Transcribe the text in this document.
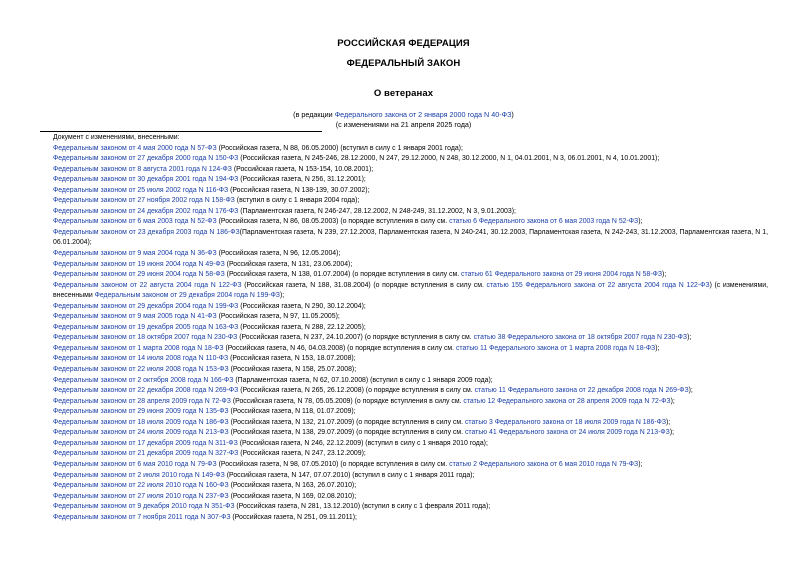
РОССИЙСКАЯ ФЕДЕРАЦИЯ
ФЕДЕРАЛЬНЫЙ ЗАКОН
О ветеранах
(в редакции Федерального закона от 2 января 2000 года N 40-ФЗ)
(с изменениями на 21 апреля 2025 года)
Документ с изменениями, внесенными:
Федеральным законом от 4 мая 2000 года N 57-ФЗ (Российская газета, N 88, 06.05.2000) (вступил в силу с 1 января 2001 года);
Федеральным законом от 27 декабря 2000 года N 150-ФЗ (Российская газета, N 245-246, 28.12.2000, N 247, 29.12.2000, N 248, 30.12.2000, N 1, 04.01.2001, N 3, 06.01.2001, N 4, 10.01.2001);
Федеральным законом от 8 августа 2001 года N 124-ФЗ (Российская газета, N 153-154, 10.08.2001);
Федеральным законом от 30 декабря 2001 года N 194-ФЗ (Российская газета, N 256, 31.12.2001);
Федеральным законом от 25 июля 2002 года N 116-ФЗ (Российская газета, N 138-139, 30.07.2002);
Федеральным законом от 27 ноября 2002 года N 158-ФЗ (вступил в силу с 1 января 2004 года);
Федеральным законом от 24 декабря 2002 года N 176-ФЗ (Парламентская газета, N 246-247, 28.12.2002, N 248-249, 31.12.2002, N 3, 9.01.2003);
Федеральным законом от 6 мая 2003 года N 52-ФЗ (Российская газета, N 86, 08.05.2003) (о порядке вступления в силу см. статью 6 Федерального закона от 6 мая 2003 года N 52-ФЗ);
Федеральным законом от 23 декабря 2003 года N 186-ФЗ(Парламентская газета, N 239, 27.12.2003, Парламентская газета, N 240-241, 30.12.2003, Парламентская газета, N 242-243, 31.12.2003, Парламентская газета, N 1, 06.01.2004);
Федеральным законом от 9 мая 2004 года N 36-ФЗ (Российская газета, N 96, 12.05.2004);
Федеральным законом от 19 июня 2004 года N 49-ФЗ (Российская газета, N 131, 23.06.2004);
Федеральным законом от 29 июня 2004 года N 58-ФЗ (Российская газета, N 138, 01.07.2004) (о порядке вступления в силу см. статью 61 Федерального закона от 29 июня 2004 года N 58-ФЗ);
Федеральным законом от 22 августа 2004 года N 122-ФЗ (Российская газета, N 188, 31.08.2004) (о порядке вступления в силу см. статью 155 Федерального закона от 22 августа 2004 года N 122-ФЗ) (с изменениями, внесенными Федеральным законом от 29 декабря 2004 года N 199-ФЗ);
Федеральным законом от 29 декабря 2004 года N 199-ФЗ (Российская газета, N 290, 30.12.2004);
Федеральным законом от 9 мая 2005 года N 41-ФЗ (Российская газета, N 97, 11.05.2005);
Федеральным законом от 19 декабря 2005 года N 163-ФЗ (Российская газета, N 288, 22.12.2005);
Федеральным законом от 18 октября 2007 года N 230-ФЗ (Российская газета, N 237, 24.10.2007) (о порядке вступления в силу см. статью 38 Федерального закона от 18 октября 2007 года N 230-ФЗ);
Федеральным законом от 1 марта 2008 года N 18-ФЗ (Российская газета, N 46, 04.03.2008) (о порядке вступления в силу см. статью 11 Федерального закона от 1 марта 2008 года N 18-ФЗ);
Федеральным законом от 14 июля 2008 года N 110-ФЗ (Российская газета, N 153, 18.07.2008);
Федеральным законом от 22 июля 2008 года N 153-ФЗ (Российская газета, N 158, 25.07.2008);
Федеральным законом от 2 октября 2008 года N 166-ФЗ (Парламентская газета, N 62, 07.10.2008) (вступил в силу с 1 января 2009 года);
Федеральным законом от 22 декабря 2008 года N 269-ФЗ (Российская газета, N 265, 26.12.2008) (о порядке вступления в силу см. статью 11 Федерального закона от 22 декабря 2008 года N 269-ФЗ);
Федеральным законом от 28 апреля 2009 года N 72-ФЗ (Российская газета, N 78, 05.05.2009) (о порядке вступления в силу см. статью 12 Федерального закона от 28 апреля 2009 года N 72-ФЗ);
Федеральным законом от 29 июня 2009 года N 135-ФЗ (Российская газета, N 118, 01.07.2009);
Федеральным законом от 18 июля 2009 года N 186-ФЗ (Российская газета, N 132, 21.07.2009) (о порядке вступления в силу см. статью 3 Федерального закона от 18 июля 2009 года N 186-ФЗ);
Федеральным законом от 24 июля 2009 года N 213-ФЗ (Российская газета, N 138, 29.07.2009) (о порядке вступления в силу см. статью 41 Федерального закона от 24 июля 2009 года N 213-ФЗ);
Федеральным законом от 17 декабря 2009 года N 311-ФЗ (Российская газета, N 246, 22.12.2009) (вступил в силу с 1 января 2010 года);
Федеральным законом от 21 декабря 2009 года N 327-ФЗ (Российская газета, N 247, 23.12.2009);
Федеральным законом от 6 мая 2010 года N 79-ФЗ (Российская газета, N 98, 07.05.2010) (о порядке вступления в силу см. статью 2 Федерального закона от 6 мая 2010 года N 79-ФЗ);
Федеральным законом от 2 июля 2010 года N 149-ФЗ (Российская газета, N 147, 07.07.2010) (вступил в силу с 1 января 2011 года);
Федеральным законом от 22 июля 2010 года N 160-ФЗ (Российская газета, N 163, 26.07.2010);
Федеральным законом от 27 июля 2010 года N 237-ФЗ (Российская газета, N 169, 02.08.2010);
Федеральным законом от 9 декабря 2010 года N 351-ФЗ (Российская газета, N 281, 13.12.2010) (вступил в силу с 1 февраля 2011 года);
Федеральным законом от 7 ноября 2011 года N 307-ФЗ (Российская газета, N 251, 09.11.2011);
